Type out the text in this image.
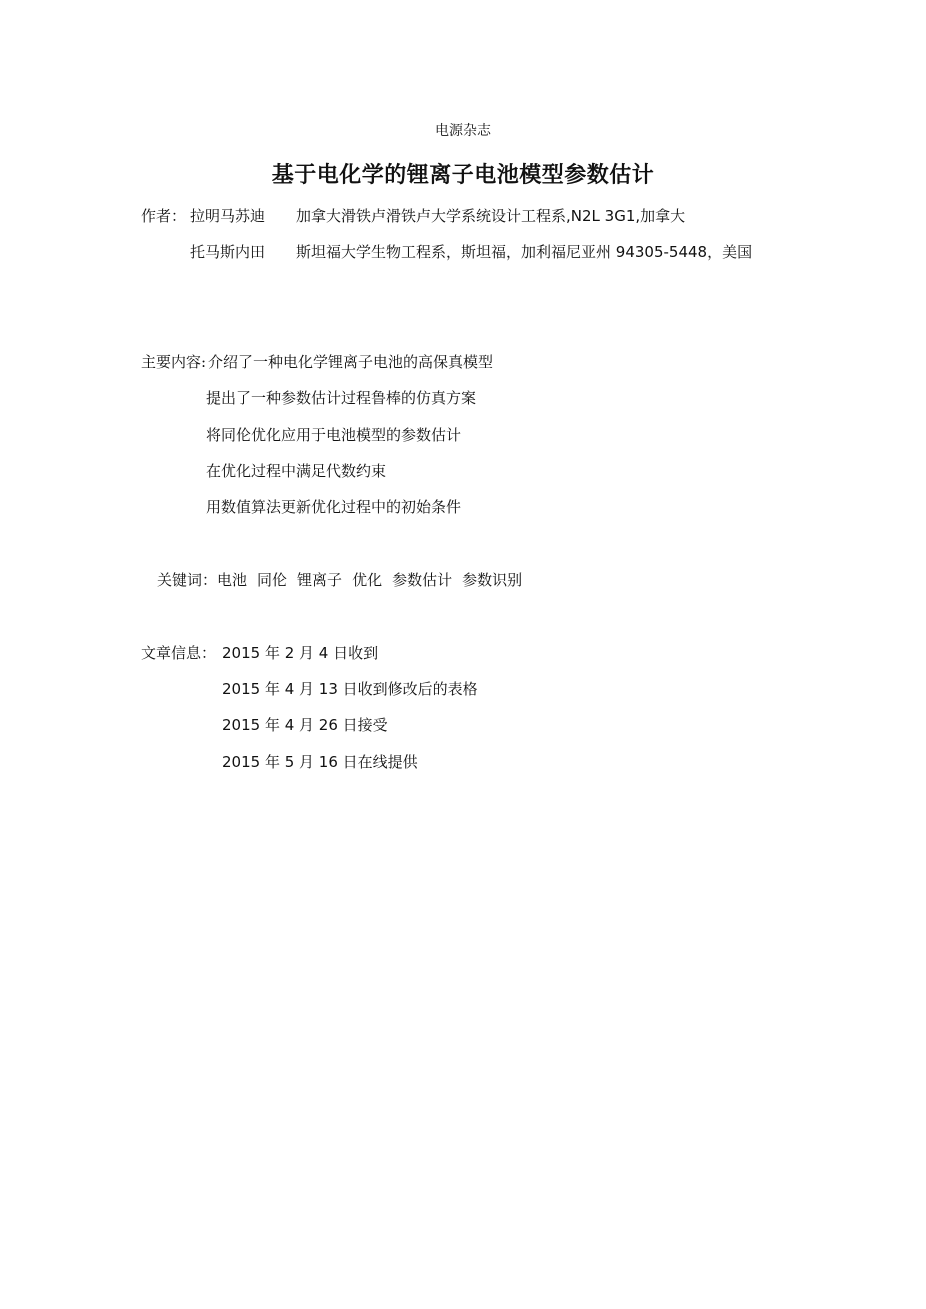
电源杂志
基于电化学的锂离子电池模型参数估计
作者： 拉明马苏迪 加拿大滑铁卢滑铁卢大学系统设计工程系,N2L 3G1,加拿大
托马斯内田 斯坦福大学生物工程系，斯坦福，加利福尼亚州 94305-5448，美国
主要内容: 介绍了一种电化学锂离子电池的高保真模型
提出了一种参数估计过程鲁棒的仿真方案
将同伦优化应用于电池模型的参数估计
在优化过程中满足代数约束
用数值算法更新优化过程中的初始条件
关键词：电池 同伦 锂离子 优化 参数估计 参数识别
文章信息： 2015 年 2 月 4 日收到
2015 年 4 月 13 日收到修改后的表格
2015 年 4 月 26 日接受
2015 年 5 月 16 日在线提供
